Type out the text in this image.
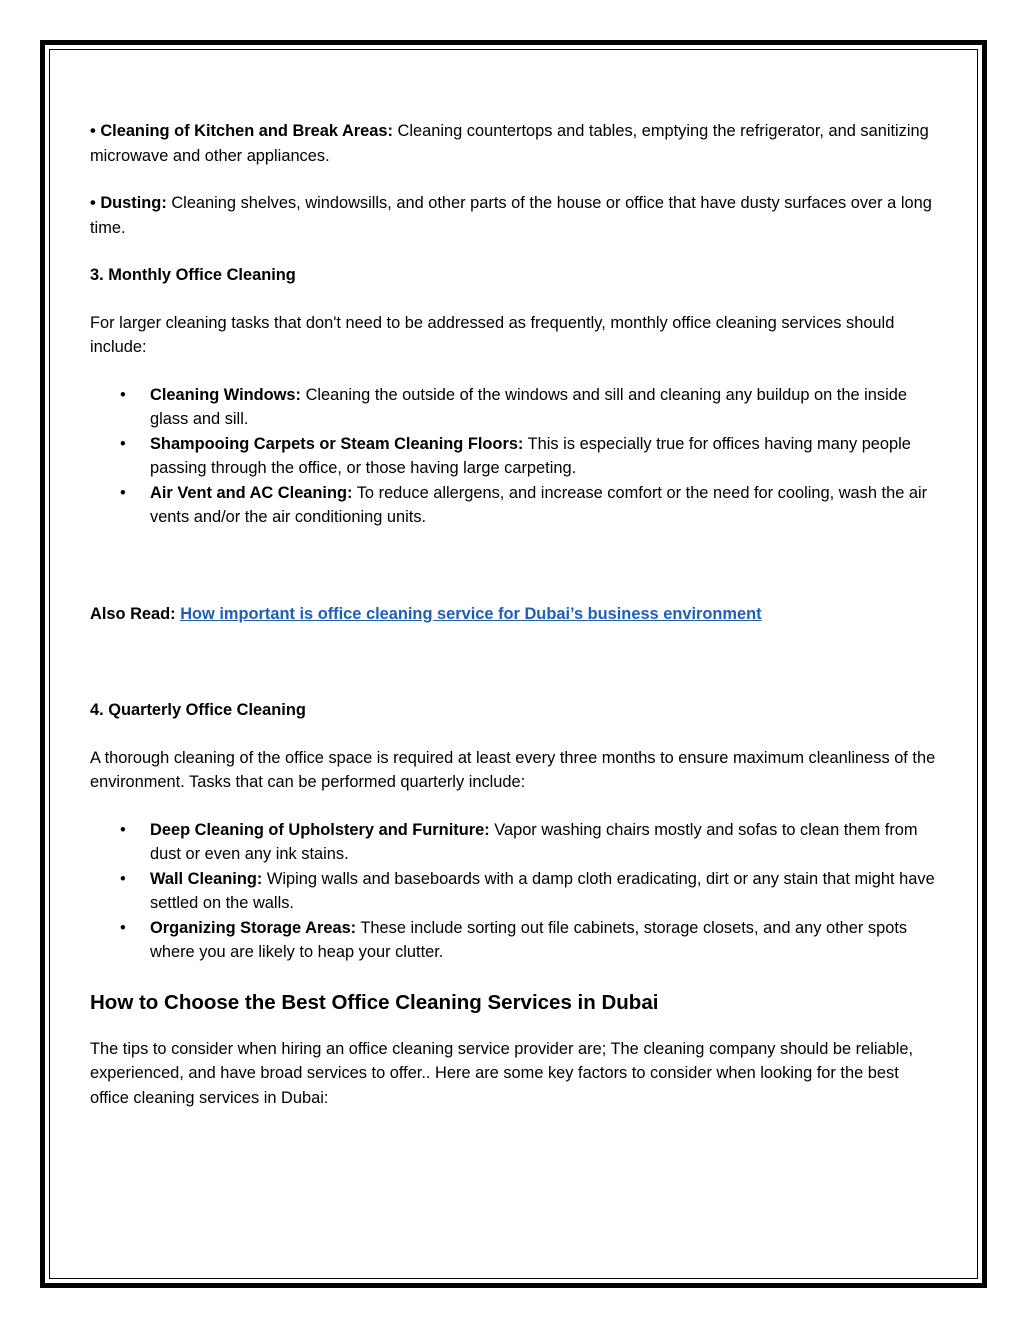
• Cleaning of Kitchen and Break Areas: Cleaning countertops and tables, emptying the refrigerator, and sanitizing microwave and other appliances.

• Dusting: Cleaning shelves, windowsills, and other parts of the house or office that have dusty surfaces over a long time.

3. Monthly Office Cleaning

For larger cleaning tasks that don't need to be addressed as frequently, monthly office cleaning services should include:

• Cleaning Windows: Cleaning the outside of the windows and sill and cleaning any buildup on the inside glass and sill.
• Shampooing Carpets or Steam Cleaning Floors: This is especially true for offices having many people passing through the office, or those having large carpeting.
• Air Vent and AC Cleaning: To reduce allergens, and increase comfort or the need for cooling, wash the air vents and/or the air conditioning units.

Also Read: How important is office cleaning service for Dubai’s business environment

4. Quarterly Office Cleaning

A thorough cleaning of the office space is required at least every three months to ensure maximum cleanliness of the environment. Tasks that can be performed quarterly include:

• Deep Cleaning of Upholstery and Furniture: Vapor washing chairs mostly and sofas to clean them from dust or even any ink stains.
• Wall Cleaning: Wiping walls and baseboards with a damp cloth eradicating, dirt or any stain that might have settled on the walls.
• Organizing Storage Areas: These include sorting out file cabinets, storage closets, and any other spots where you are likely to heap your clutter.
How to Choose the Best Office Cleaning Services in Dubai

The tips to consider when hiring an office cleaning service provider are; The cleaning company should be reliable, experienced, and have broad services to offer.. Here are some key factors to consider when looking for the best office cleaning services in Dubai:
